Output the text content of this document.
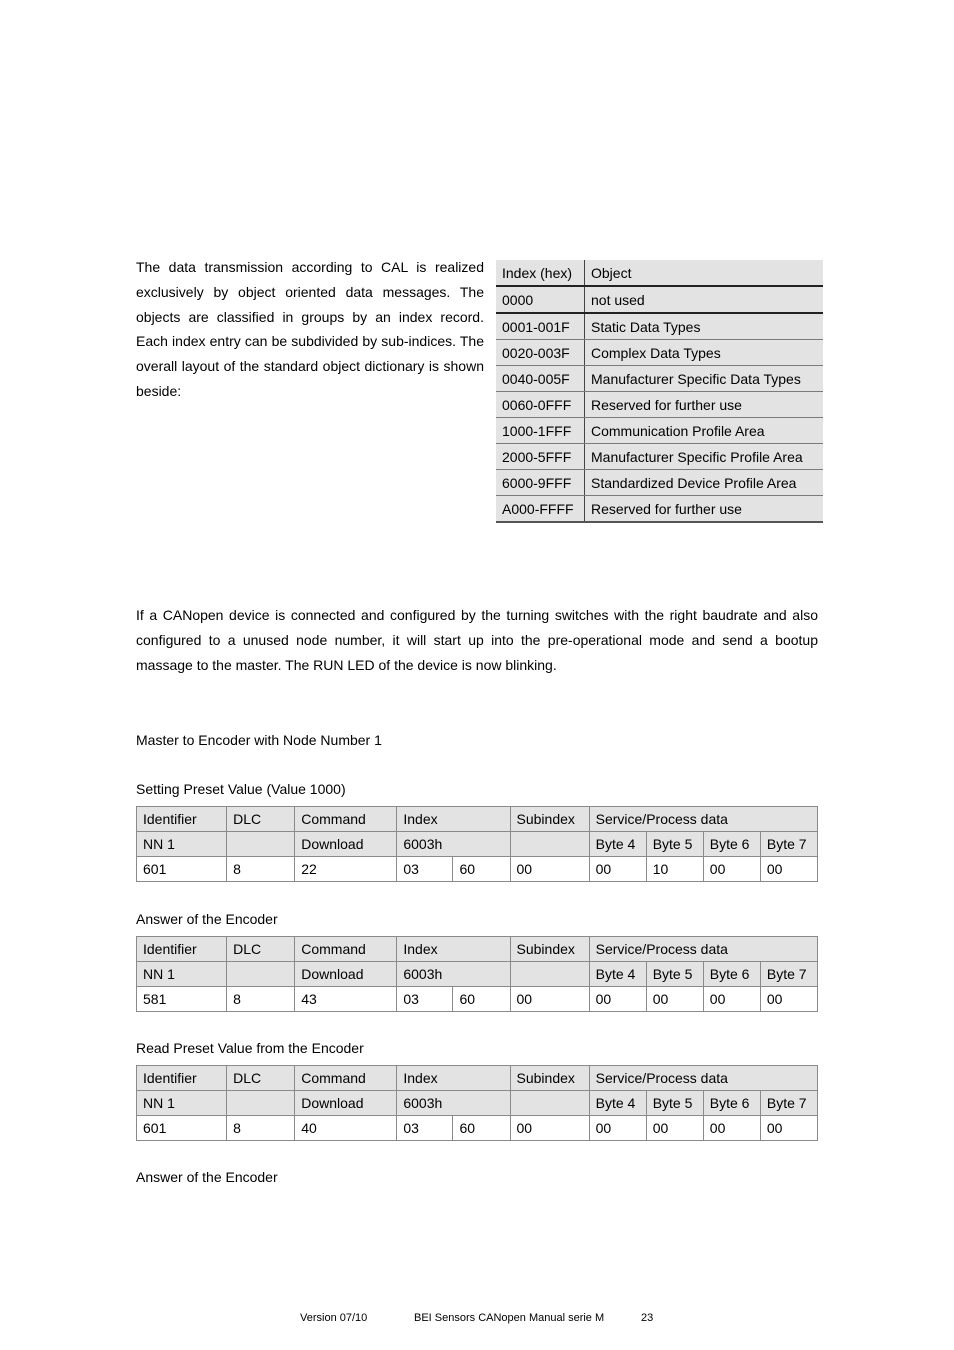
The data transmission according to CAL is realized exclusively by object oriented data messages. The objects are classified in groups by an index record. Each index entry can be subdivided by sub-indices. The overall layout of the standard object dictionary is shown beside:

Index (hex)	Object
0000	not used
0001-001F	Static Data Types
0020-003F	Complex Data Types
0040-005F	Manufacturer Specific Data Types
0060-0FFF	Reserved for further use
1000-1FFF	Communication Profile Area
2000-5FFF	Manufacturer Specific Profile Area
6000-9FFF	Standardized Device Profile Area
A000-FFFF	Reserved for further use

If a CANopen device is connected and configured by the turning switches with the right baudrate and also configured to a unused node number, it will start up into the pre-operational mode and send a bootup massage to the master. The RUN LED of the device is now blinking.

Master to Encoder with Node Number 1
Setting Preset Value (Value 1000)
Identifier	DLC	Command	Index		Subindex	Service/Process data			
NN 1		Download	6003h			Byte 4	Byte 5	Byte 6	Byte 7
601	8	22	03	60	00	00	10	00	00
Answer of the Encoder
Identifier	DLC	Command	Index		Subindex	Service/Process data			
NN 1		Download	6003h			Byte 4	Byte 5	Byte 6	Byte 7
581	8	43	03	60	00	00	00	00	00
Read Preset Value from the Encoder
Identifier	DLC	Command	Index		Subindex	Service/Process data			
NN 1		Download	6003h			Byte 4	Byte 5	Byte 6	Byte 7
601	8	40	03	60	00	00	00	00	00
Answer of the Encoder
Version 07/10	BEI Sensors CANopen Manual serie M	23
